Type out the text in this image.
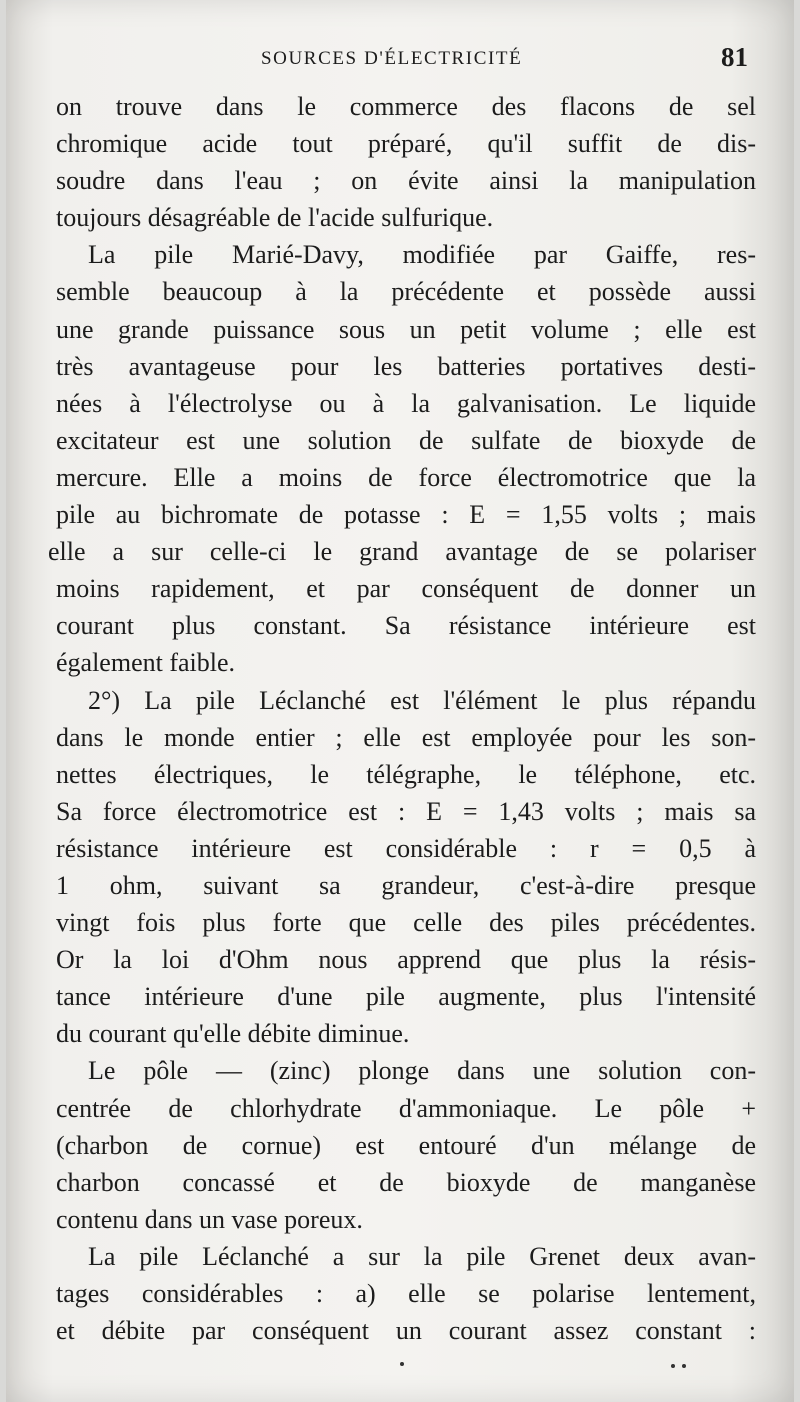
SOURCES D'ÉLECTRICITÉ	81
on trouve dans le commerce des flacons de sel
chromique acide tout préparé, qu'il suffit de dis-
soudre dans l'eau ; on évite ainsi la manipulation
toujours désagréable de l'acide sulfurique.
La pile Marié-Davy, modifiée par Gaiffe, res-
semble beaucoup à la précédente et possède aussi
une grande puissance sous un petit volume ; elle est
très avantageuse pour les batteries portatives desti-
nées à l'électrolyse ou à la galvanisation. Le liquide
excitateur est une solution de sulfate de bioxyde de
mercure. Elle a moins de force électromotrice que la
pile au bichromate de potasse : E = 1,55 volts ; mais
elle a sur celle-ci le grand avantage de se polariser
moins rapidement, et par conséquent de donner un
courant plus constant. Sa résistance intérieure est
également faible.
2°) La pile Léclanché est l'élément le plus répandu
dans le monde entier ; elle est employée pour les son-
nettes électriques, le télégraphe, le téléphone, etc.
Sa force électromotrice est : E = 1,43 volts ; mais sa
résistance intérieure est considérable : r = 0,5 à
1 ohm, suivant sa grandeur, c'est-à-dire presque
vingt fois plus forte que celle des piles précédentes.
Or la loi d'Ohm nous apprend que plus la résis-
tance intérieure d'une pile augmente, plus l'intensité
du courant qu'elle débite diminue.
Le pôle — (zinc) plonge dans une solution con-
centrée de chlorhydrate d'ammoniaque. Le pôle +
(charbon de cornue) est entouré d'un mélange de
charbon concassé et de bioxyde de manganèse
contenu dans un vase poreux.
La pile Léclanché a sur la pile Grenet deux avan-
tages considérables : a) elle se polarise lentement,
et débite par conséquent un courant assez constant :
